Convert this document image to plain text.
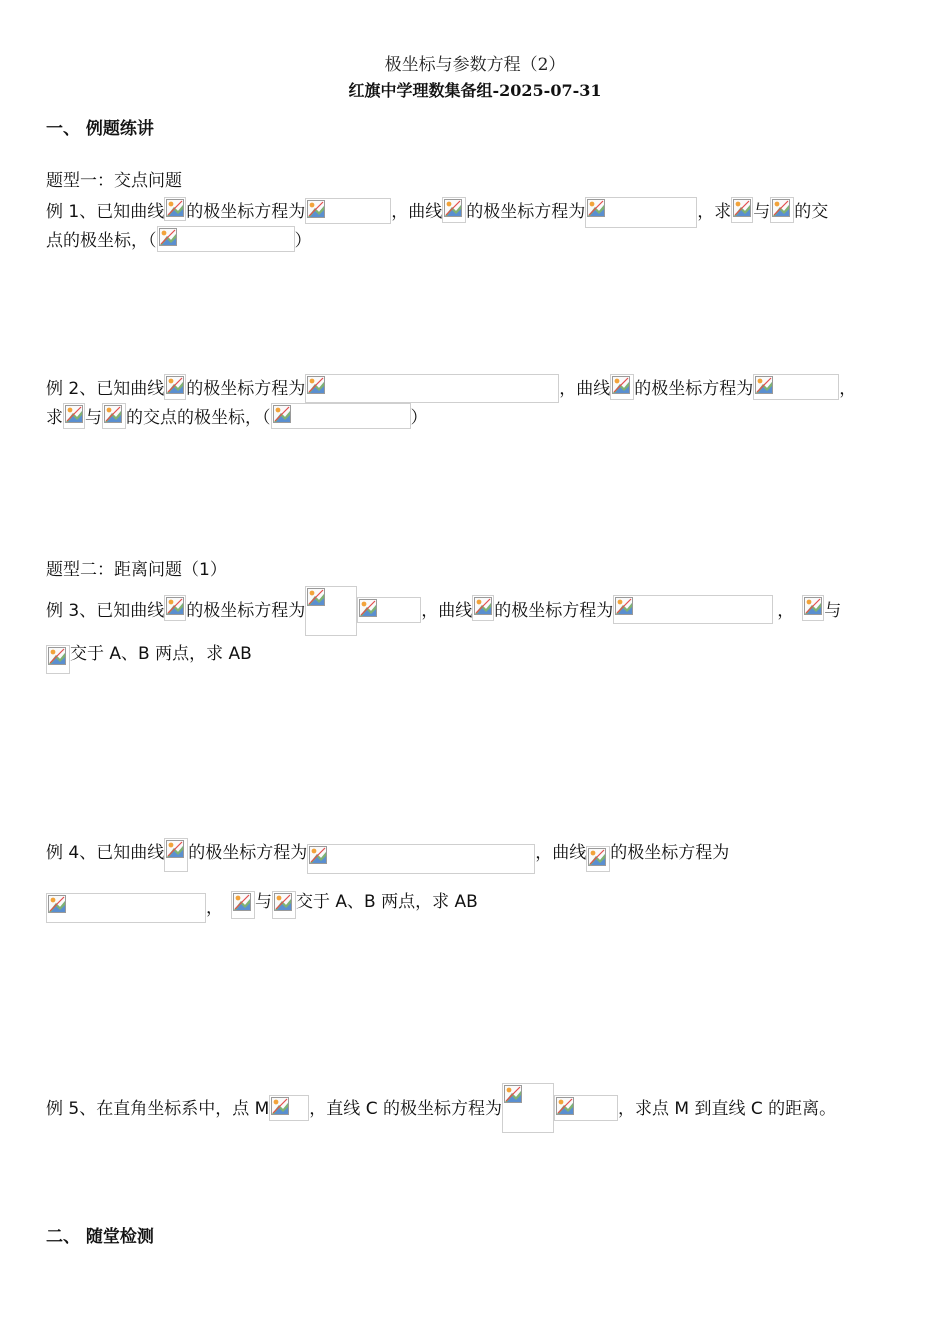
极坐标与参数方程（2）
红旗中学理数集备组-2025-07-31
一、 例题练讲
题型一：交点问题
例 1、已知曲线 的极坐标方程为	，曲线 的极坐标方程为	，求 与 的交
点的极坐标，（	）
例 2、已知曲线 的极坐标方程为	，曲线 的极坐标方程为	，
求 与 的交点的极坐标，（	）
题型二：距离问题（1）
例 3、已知曲线 的极坐标方程为	，曲线 的极坐标方程为	， 与
交于 A、B 两点，求 AB
例 4、已知曲线 的极坐标方程为	，曲线 的极坐标方程为
， 与 交于 A、B 两点，求 AB
例 5、在直角坐标系中，点 M ，直线 C 的极坐标方程为	，求点 M 到直线 C 的距离。
二、 随堂检测
